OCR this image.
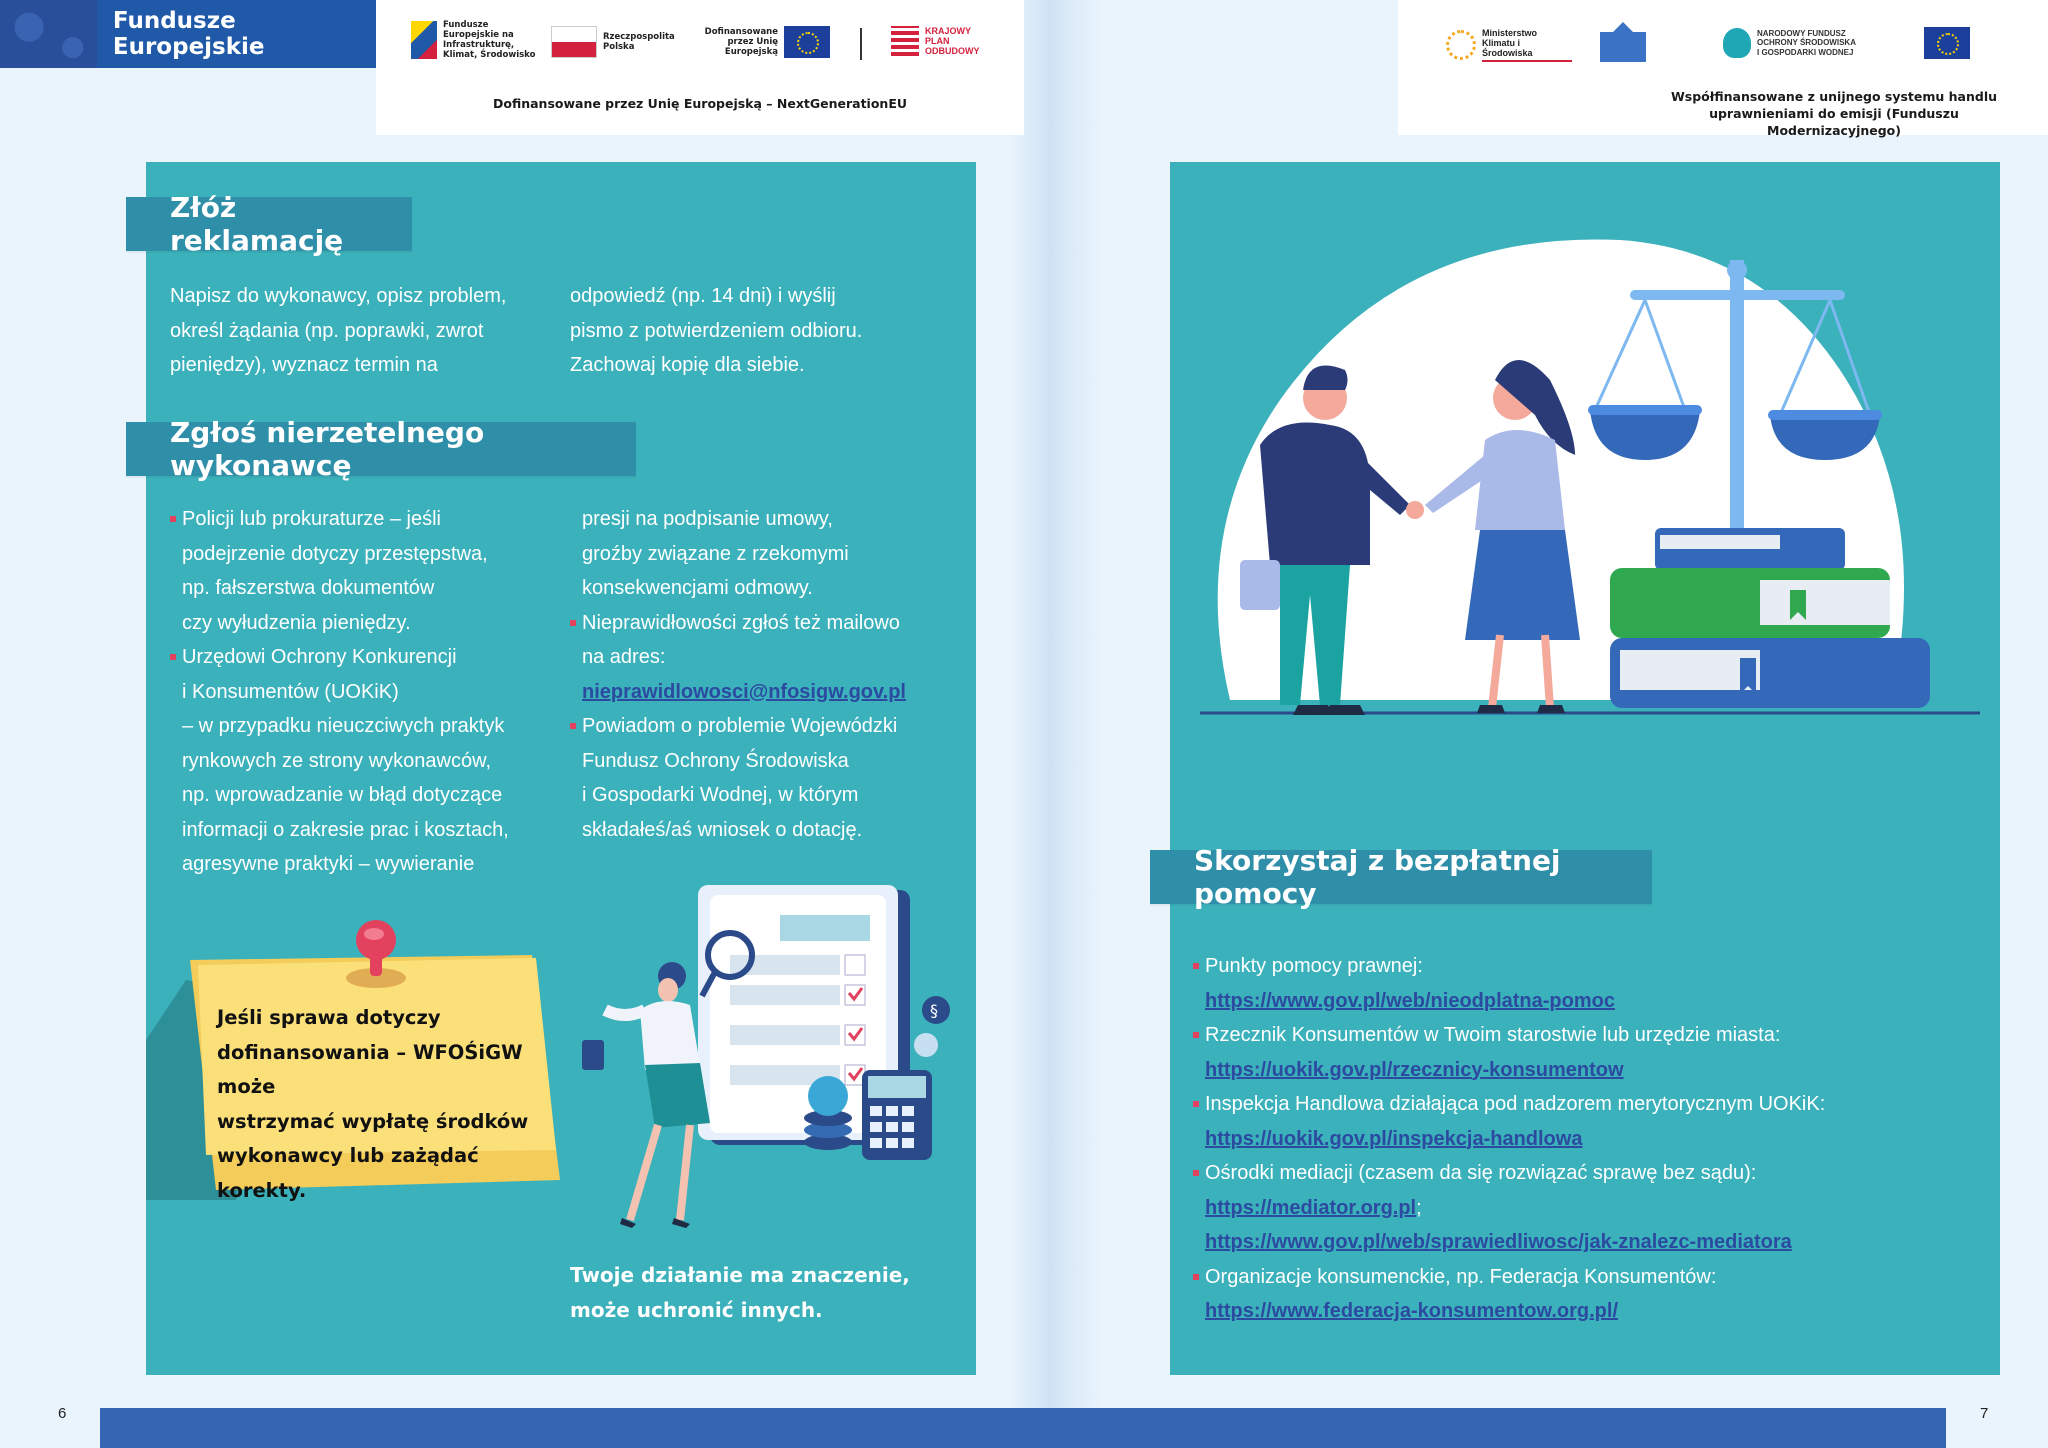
Fundusze Europejskie
Fundusze Europejskie na Infrastrukturę, Klimat, Środowisko
Rzeczpospolita Polska
Dofinansowane przez Unię Europejską
KRAJOWY PLAN ODBUDOWY
Dofinansowane przez Unię Europejską – NextGenerationEU
Ministerstwo Klimatu i Środowiska
NARODOWY FUNDUSZ OCHRONY ŚRODOWISKA I GOSPODARKI WODNEJ
Współfinansowane z unijnego systemu handlu
uprawnieniami do emisji (Funduszu Modernizacyjnego)
Złóż reklamację

Napisz do wykonawcy, opisz problem,

określ żądania (np. poprawki, zwrot

pieniędzy), wyznacz termin na

odpowiedź (np. 14 dni) i wyślij

pismo z potwierdzeniem odbioru.

Zachowaj kopię dla siebie.

Zgłoś nierzetelnego wykonawcę
Policji lub prokuraturze – jeśli
podejrzenie dotyczy przestępstwa,
np. fałszerstwa dokumentów
czy wyłudzenia pieniędzy.
Urzędowi Ochrony Konkurencji
i Konsumentów (UOKiK)
– w przypadku nieuczciwych praktyk
rynkowych ze strony wykonawców,
np. wprowadzanie w błąd dotyczące
informacji o zakresie prac i kosztach,
agresywne praktyki – wywieranie
presji na podpisanie umowy,
groźby związane z rzekomymi
konsekwencjami odmowy.
Nieprawidłowości zgłoś też mailowo
na adres:
nieprawidlowosci@nfosigw.gov.pl
Powiadom o problemie Wojewódzki
Fundusz Ochrony Środowiska
i Gospodarki Wodnej, w którym
składałeś/aś wniosek o dotację.
Jeśli sprawa dotyczy
dofinansowania – WFOŚiGW może
wstrzymać wypłatę środków
wykonawcy lub zażądać korekty.
§
Twoje działanie ma znaczenie,
może uchronić innych.
Skorzystaj z bezpłatnej pomocy
Punkty pomocy prawnej:
https://www.gov.pl/web/nieodplatna-pomoc
Rzecznik Konsumentów w Twoim starostwie lub urzędzie miasta:
https://uokik.gov.pl/rzecznicy-konsumentow
Inspekcja Handlowa działająca pod nadzorem merytorycznym UOKiK:
https://uokik.gov.pl/inspekcja-handlowa
Ośrodki mediacji (czasem da się rozwiązać sprawę bez sądu):
https://mediator.org.pl;
https://www.gov.pl/web/sprawiedliwosc/jak-znalezc-mediatora
Organizacje konsumenckie, np. Federacja Konsumentów:
https://www.federacja-konsumentow.org.pl/
6	7
